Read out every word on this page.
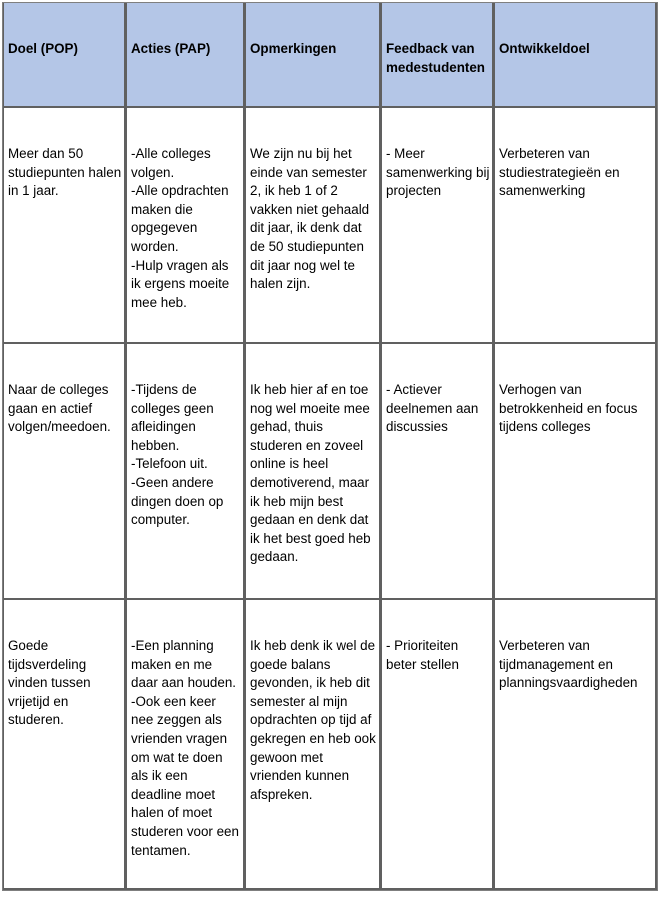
Doel (POP)	Acties (PAP)	Opmerkingen	Feedback van medestudenten	Ontwikkeldoel

Meer dan 50 studiepunten halen in 1 jaar.	-Alle colleges volgen.
-Alle opdrachten maken die opgegeven worden.
-Hulp vragen als ik ergens moeite mee heb.	We zijn nu bij het einde van semester 2, ik heb 1 of 2 vakken niet gehaald dit jaar, ik denk dat de 50 studiepunten dit jaar nog wel te halen zijn.	- Meer samenwerking bij projecten	Verbeteren van studiestrategieën en samenwerking

Naar de colleges gaan en actief volgen/meedoen.	-Tijdens de colleges geen afleidingen hebben.
-Telefoon uit.
-Geen andere dingen doen op computer.	Ik heb hier af en toe nog wel moeite mee gehad, thuis studeren en zoveel online is heel demotiverend, maar ik heb mijn best gedaan en denk dat ik het best goed heb gedaan.	- Actiever deelnemen aan discussies	Verhogen van betrokkenheid en focus tijdens colleges

Goede tijdsverdeling vinden tussen vrijetijd en studeren.	-Een planning maken en me daar aan houden.
-Ook een keer nee zeggen als vrienden vragen om wat te doen als ik een deadline moet halen of moet studeren voor een tentamen.	Ik heb denk ik wel de goede balans gevonden, ik heb dit semester al mijn opdrachten op tijd af gekregen en heb ook gewoon met vrienden kunnen afspreken.	- Prioriteiten beter stellen	Verbeteren van tijdmanagement en planningsvaardigheden
